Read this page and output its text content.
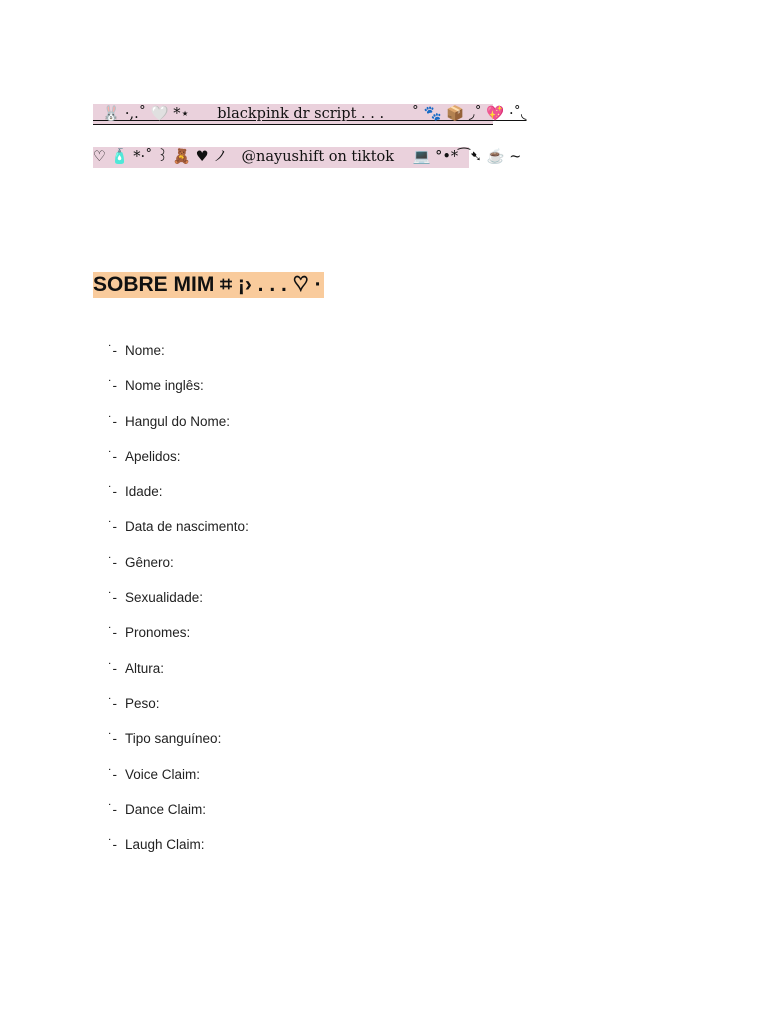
🐰 ·,.˚ 🤍 *⋆      blackpink dr script . . .      ˚ 🐾 📦 ◞˚ 💖 ·˚◟
♡ 🧴 *·˚ ꒱ 🧸 ♥ ノ   @nayushift on tiktok    💻 °•*⁀➷ ☕ ~
SOBRE MIM ⌗ ¡› . . . ♡ ·
˙- Nome:
˙- Nome inglês:
˙- Hangul do Nome:
˙- Apelidos:
˙- Idade:
˙- Data de nascimento:
˙- Gênero:
˙- Sexualidade:
˙- Pronomes:
˙- Altura:
˙- Peso:
˙- Tipo sanguíneo:
˙- Voice Claim:
˙- Dance Claim:
˙- Laugh Claim:
